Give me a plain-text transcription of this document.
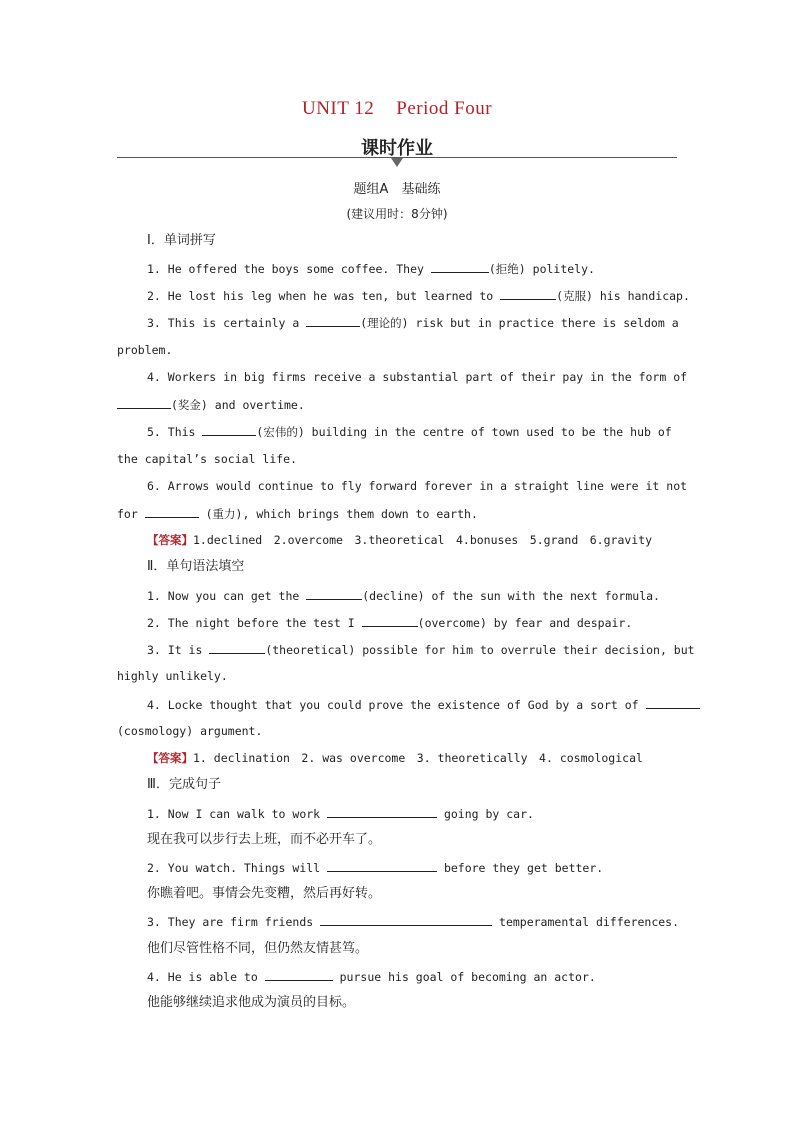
UNIT 12 Period Four
课时作业
题组A　基础练
(建议用时：8分钟)
Ⅰ．单词拼写
1. He offered the boys some coffee. They	(拒绝) politely.
2. He lost his leg when he was ten, but learned to	(克服) his handicap.
3. This is certainly a	(理论的) risk but in practice there is seldom a
problem.
4. Workers in big firms receive a substantial part of their pay in the form of
(奖金) and overtime.
5. This	(宏伟的) building in the centre of town used to be the hub of
the capital’s social life.
6. Arrows would continue to fly forward forever in a straight line were it not
for	(重力), which brings them down to earth.
【答案】1.declined　2.overcome　3.theoretical　4.bonuses　5.grand　6.gravity
Ⅱ．单句语法填空
1. Now you can get the	(decline) of the sun with the next formula.
2. The night before the test I	(overcome) by fear and despair.
3. It is	(theoretical) possible for him to overrule their decision, but
highly unlikely.
4. Locke thought that you could prove the existence of God by a sort of
(cosmology) argument.
【答案】1. declination　2. was overcome　3. theoretically　4. cosmological
Ⅲ．完成句子
1. Now I can walk to work	going by car.
现在我可以步行去上班，而不必开车了。
2. You watch. Things will	before they get better.
你瞧着吧。事情会先变糟，然后再好转。
3. They are firm friends	temperamental differences.
他们尽管性格不同，但仍然友情甚笃。
4. He is able to	pursue his goal of becoming an actor.
他能够继续追求他成为演员的目标。
